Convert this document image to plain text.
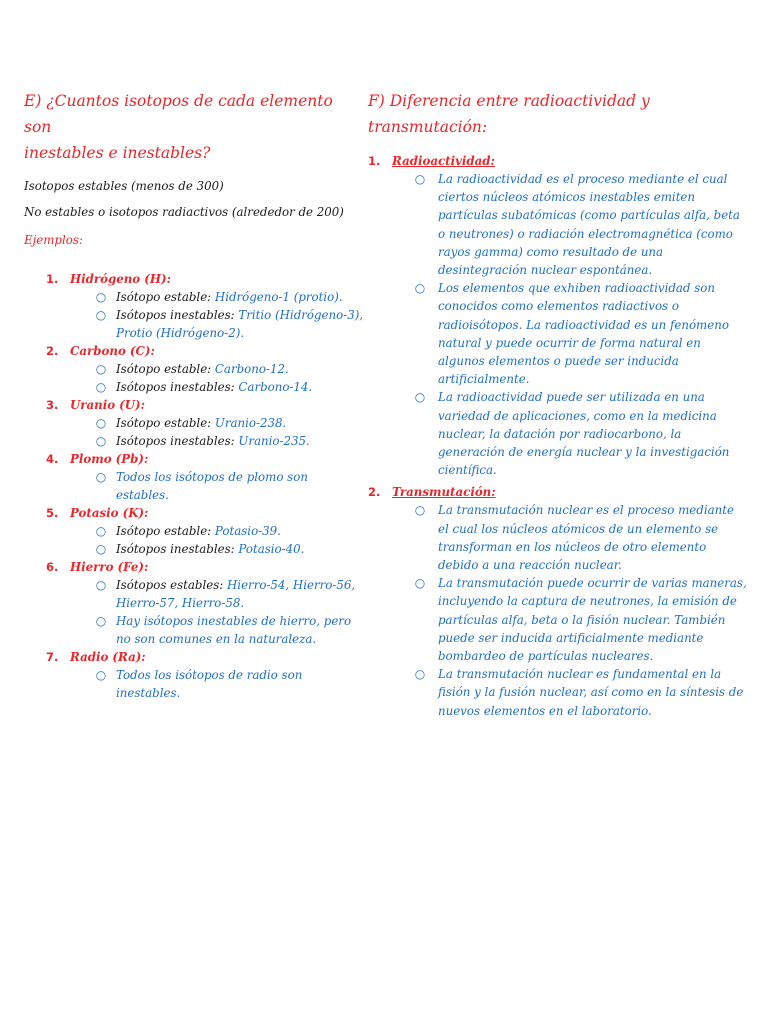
E) ¿Cuantos isotopos de cada elemento son

inestables e inestables?

Isotopos estables (menos de 300)

No estables o isotopos radiactivos (alrededor de 200)

Ejemplos:

1. Hidrógeno (H):
○ Isótopo estable: Hidrógeno-1 (protio).
○ Isótopos inestables: Tritio (Hidrógeno-3), Protio (Hidrógeno-2).
2. Carbono (C):
○ Isótopo estable: Carbono-12.
○ Isótopos inestables: Carbono-14.
3. Uranio (U):
○ Isótopo estable: Uranio-238.
○ Isótopos inestables: Uranio-235.
4. Plomo (Pb):
○ Todos los isótopos de plomo son estables.
5. Potasio (K):
○ Isótopo estable: Potasio-39.
○ Isótopos inestables: Potasio-40.
6. Hierro (Fe):
○ Isótopos estables: Hierro-54, Hierro-56, Hierro-57, Hierro-58.
○ Hay isótopos inestables de hierro, pero no son comunes en la naturaleza.
7. Radio (Ra):
○ Todos los isótopos de radio son inestables.

F) Diferencia entre radioactividad y transmutación:

1. Radioactividad:
○ La radioactividad es el proceso mediante el cual ciertos núcleos atómicos inestables emiten partículas subatómicas (como partículas alfa, beta o neutrones) o radiación electromagnética (como rayos gamma) como resultado de una desintegración nuclear espontánea.
○ Los elementos que exhiben radioactividad son conocidos como elementos radiactivos o radioisótopos. La radioactividad es un fenómeno natural y puede ocurrir de forma natural en algunos elementos o puede ser inducida artificialmente.
○ La radioactividad puede ser utilizada en una variedad de aplicaciones, como en la medicina nuclear, la datación por radiocarbono, la generación de energía nuclear y la investigación científica.
2. Transmutación:
○ La transmutación nuclear es el proceso mediante el cual los núcleos atómicos de un elemento se transforman en los núcleos de otro elemento debido a una reacción nuclear.
○ La transmutación puede ocurrir de varias maneras, incluyendo la captura de neutrones, la emisión de partículas alfa, beta o la fisión nuclear. También puede ser inducida artificialmente mediante bombardeo de partículas nucleares.
○ La transmutación nuclear es fundamental en la fisión y la fusión nuclear, así como en la síntesis de nuevos elementos en el laboratorio.
